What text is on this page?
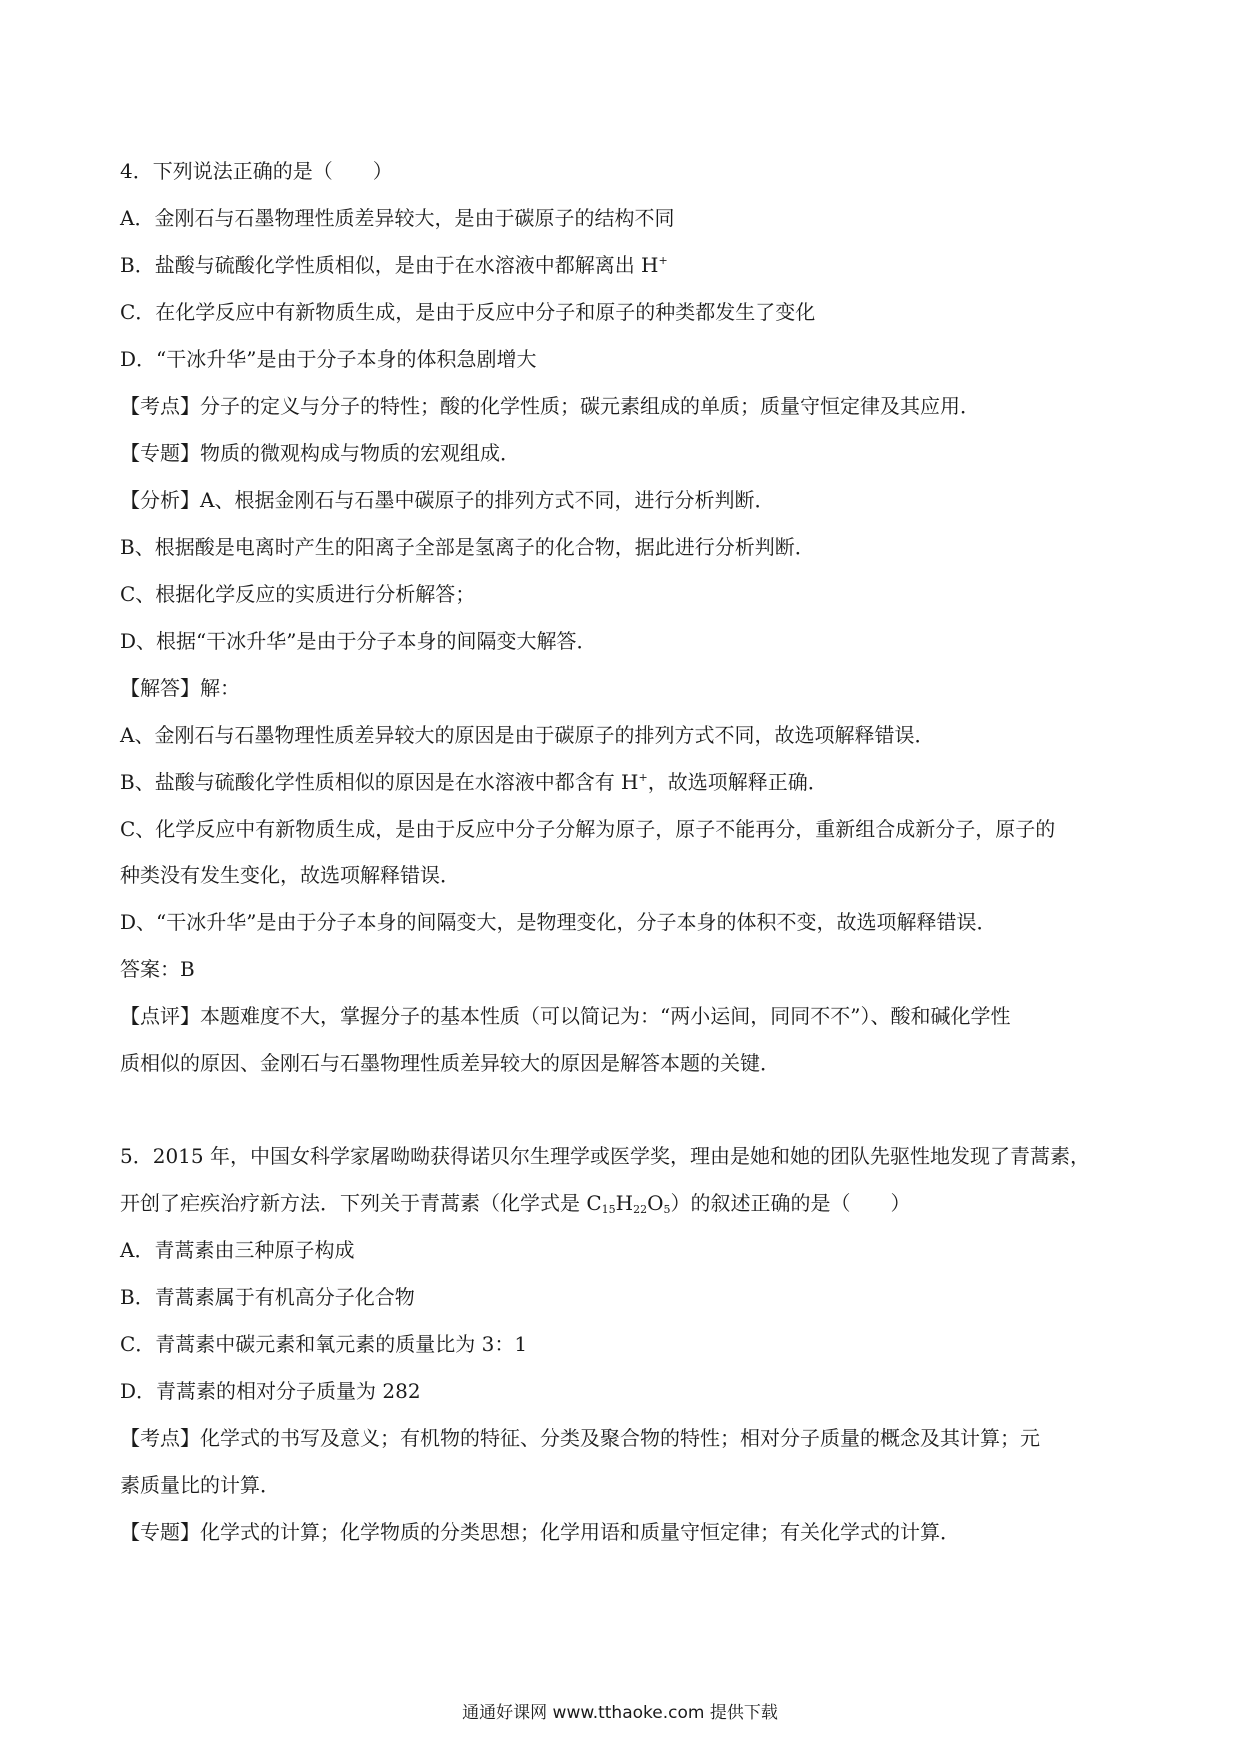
4．下列说法正确的是（　　）
A．金刚石与石墨物理性质差异较大，是由于碳原子的结构不同
B．盐酸与硫酸化学性质相似，是由于在水溶液中都解离出 H+
C．在化学反应中有新物质生成，是由于反应中分子和原子的种类都发生了变化
D．“干冰升华”是由于分子本身的体积急剧增大
【考点】分子的定义与分子的特性；酸的化学性质；碳元素组成的单质；质量守恒定律及其应用．
【专题】物质的微观构成与物质的宏观组成．
【分析】A、根据金刚石与石墨中碳原子的排列方式不同，进行分析判断．
B、根据酸是电离时产生的阳离子全部是氢离子的化合物，据此进行分析判断．
C、根据化学反应的实质进行分析解答；
D、根据“干冰升华”是由于分子本身的间隔变大解答．
【解答】解：
A、金刚石与石墨物理性质差异较大的原因是由于碳原子的排列方式不同，故选项解释错误．
B、盐酸与硫酸化学性质相似的原因是在水溶液中都含有 H+，故选项解释正确．
C、化学反应中有新物质生成，是由于反应中分子分解为原子，原子不能再分，重新组合成新分子，原子的
种类没有发生变化，故选项解释错误．
D、“干冰升华”是由于分子本身的间隔变大，是物理变化，分子本身的体积不变，故选项解释错误．
答案：B
【点评】本题难度不大，掌握分子的基本性质（可以简记为：“两小运间，同同不不”）、酸和碱化学性
质相似的原因、金刚石与石墨物理性质差异较大的原因是解答本题的关键．
5．2015 年，中国女科学家屠呦呦获得诺贝尔生理学或医学奖，理由是她和她的团队先驱性地发现了青蒿素，
开创了疟疾治疗新方法．下列关于青蒿素（化学式是 $C_{15}H_{22}O_5$）的叙述正确的是（　　）
A．青蒿素由三种原子构成
B．青蒿素属于有机高分子化合物
C．青蒿素中碳元素和氧元素的质量比为 3：1
D．青蒿素的相对分子质量为 282
【考点】化学式的书写及意义；有机物的特征、分类及聚合物的特性；相对分子质量的概念及其计算；元
素质量比的计算．
【专题】化学式的计算；化学物质的分类思想；化学用语和质量守恒定律；有关化学式的计算．
通通好课网 www.tthaoke.com 提供下载
